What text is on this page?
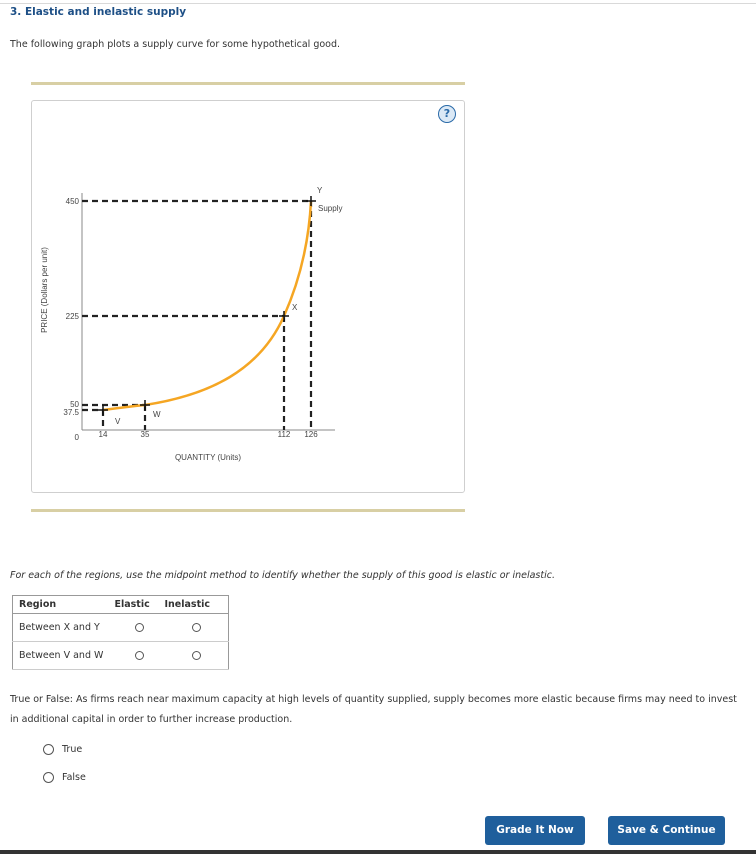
3. Elastic and inelastic supply
The following graph plots a supply curve for some hypothetical good.
?
V
W
X
Y
Supply
14	35	112 126
450
225
50
37.5
0
QUANTITY (Units)
PRICE (Dollars per unit)
For each of the regions, use the midpoint method to identify whether the supply of this good is elastic or inelastic.
Region	Elastic	Inelastic
Between X and Y		
Between V and W		
True or False: As firms reach near maximum capacity at high levels of quantity supplied, supply becomes more elastic because firms may need to invest in additional capital in order to further increase production.
True
False
Grade It Now	Save & Continue
